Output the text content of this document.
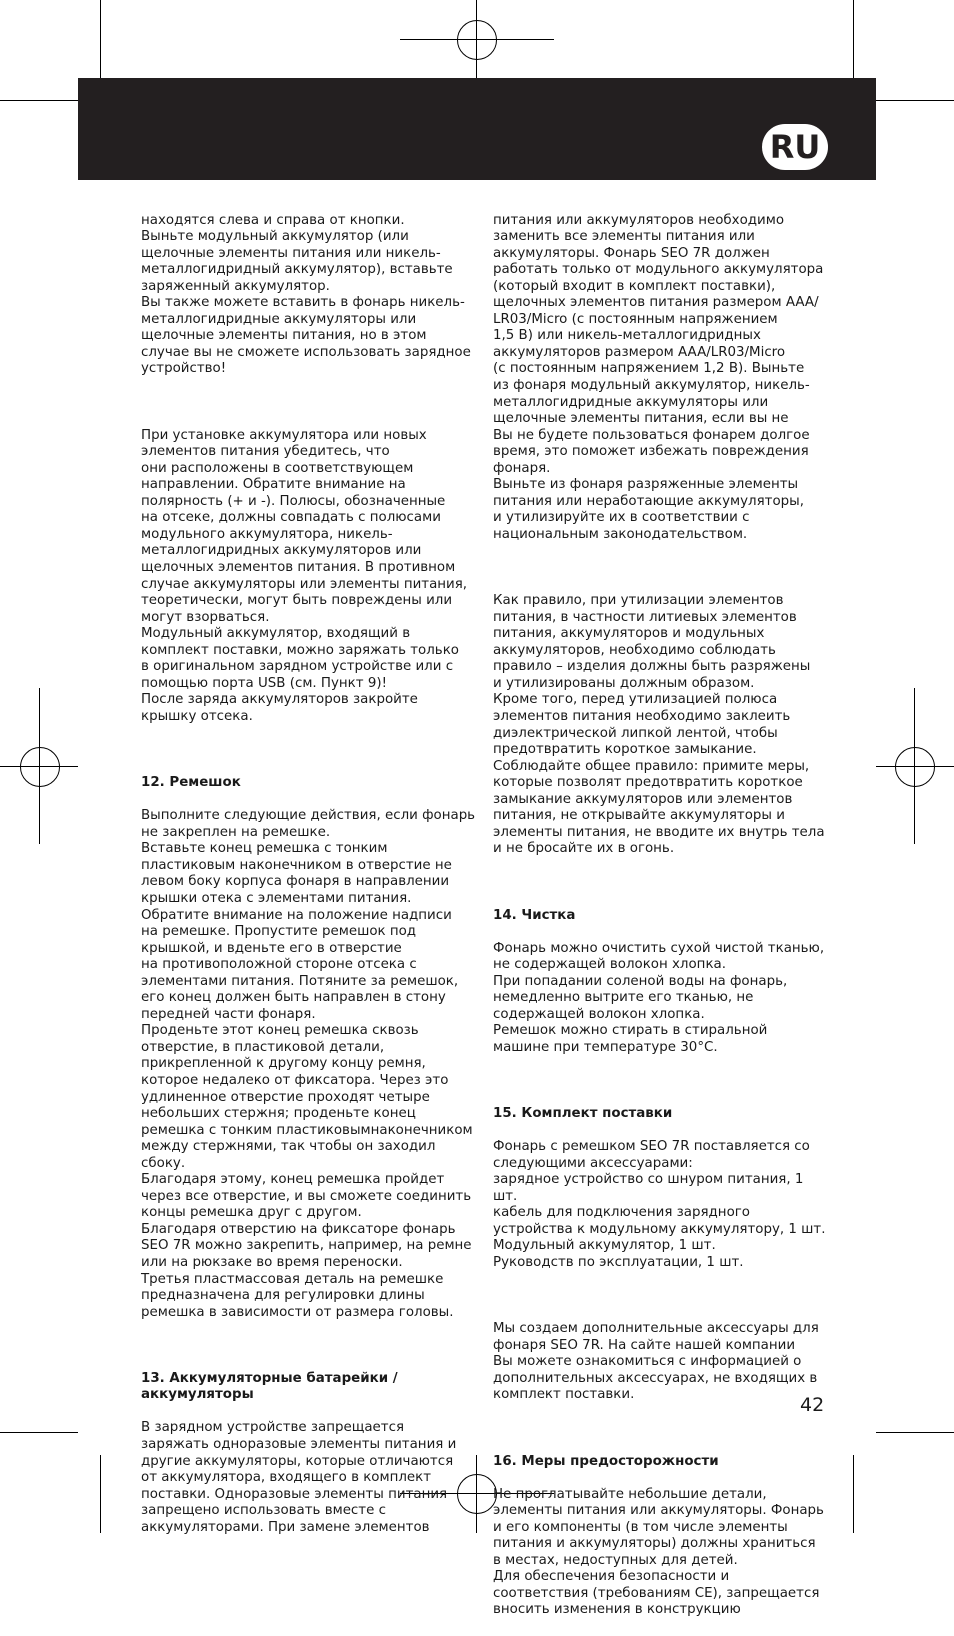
RU

находятся слева и справа от кнопки.
Выньте модульный аккумулятор (или
щелочные элементы питания или никель-
металлогидридный аккумулятор), вставьте
заряженный аккумулятор.
Вы также можете вставить в фонарь никель-
металлогидридные аккумуляторы или
щелочные элементы питания, но в этом
случае вы не сможете использовать зарядное
устройство!

При установке аккумулятора или новых
элементов питания убедитесь, что
они расположены в соответствующем
направлении. Обратите внимание на
полярность (+ и -). Полюсы, обозначенные
на отсеке, должны совпадать с полюсами
модульного аккумулятора, никель-
металлогидридных аккумуляторов или
щелочных элементов питания. В противном
случае аккумуляторы или элементы питания,
теоретически, могут быть повреждены или
могут взорваться.
Модульный аккумулятор, входящий в
комплект поставки, можно заряжать только
в оригинальном зарядном устройстве или с
помощью порта USB (см. Пункт 9)!
После заряда аккумуляторов закройте
крышку отсека.

12. Ремешок

Выполните следующие действия, если фонарь
не закреплен на ремешке.
Вставьте конец ремешка с тонким
пластиковым наконечником в отверстие не
левом боку корпуса фонаря в направлении
крышки отека с элементами питания.
Обратите внимание на положение надписи
на ремешке. Пропустите ремешок под
крышкой, и вденьте его в отверстие
на противоположной стороне отсека с
элементами питания. Потяните за ремешок,
его конец должен быть направлен в стону
передней части фонаря.
Проденьте этот конец ремешка сквозь
отверстие, в пластиковой детали,
прикрепленной к другому концу ремня,
которое недалеко от фиксатора. Через это
удлиненное отверстие проходят четыре
небольших стержня; проденьте конец
ремешка с тонким пластиковымнаконечником
между стержнями, так чтобы он заходил
сбоку.
Благодаря этому, конец ремешка пройдет
через все отверстие, и вы сможете соединить
концы ремешка друг с другом.
Благодаря отверстию на фиксаторе фонарь
SEO 7R можно закрепить, например, на ремне
или на рюкзаке во время переноски.
Третья пластмассовая деталь на ремешке
предназначена для регулировки длины
ремешка в зависимости от размера головы.

13. Аккумуляторные батарейки /
аккумуляторы

В зарядном устройстве запрещается
заряжать одноразовые элементы питания и
другие аккумуляторы, которые отличаются
от аккумулятора, входящего в комплект
поставки. Одноразовые элементы питания
запрещено использовать вместе с
аккумуляторами. При замене элементов

питания или аккумуляторов необходимо
заменить все элементы питания или
аккумуляторы. Фонарь SEO 7R должен
работать только от модульного аккумулятора
(который входит в комплект поставки),
щелочных элементов питания размером AAA/
LR03/Micro (с постоянным напряжением
1,5 В) или никель-металлогидридных
аккумуляторов размером AAA/LR03/Micro
(с постоянным напряжением 1,2 В). Выньте
из фонаря модульный аккумулятор, никель-
металлогидридные аккумуляторы или
щелочные элементы питания, если вы не
Вы не будете пользоваться фонарем долгое
время, это поможет избежать повреждения
фонаря.
Выньте из фонаря разряженные элементы
питания или неработающие аккумуляторы,
и утилизируйте их в соответствии с
национальным законодательством.

Как правило, при утилизации элементов
питания, в частности литиевых элементов
питания, аккумуляторов и модульных
аккумуляторов, необходимо соблюдать
правило – изделия должны быть разряжены
и утилизированы должным образом.
Кроме того, перед утилизацией полюса
элементов питания необходимо заклеить
диэлектрической липкой лентой, чтобы
предотвратить короткое замыкание.
Соблюдайте общее правило: примите меры,
которые позволят предотвратить короткое
замыкание аккумуляторов или элементов
питания, не открывайте аккумуляторы и
элементы питания, не вводите их внутрь тела
и не бросайте их в огонь.

14. Чистка

Фонарь можно очистить сухой чистой тканью,
не содержащей волокон хлопка.
При попадании соленой воды на фонарь,
немедленно вытрите его тканью, не
содержащей волокон хлопка.
Ремешок можно стирать в стиральной
машине при температуре 30°C.

15. Комплект поставки

Фонарь с ремешком SEO 7R поставляется со
следующими аксессуарами:
зарядное устройство со шнуром питания, 1
шт.
кабель для подключения зарядного
устройства к модульному аккумулятору, 1 шт.
Модульный аккумулятор, 1 шт.
Руководств по эксплуатации, 1 шт.

Мы создаем дополнительные аксессуары для
фонаря SEO 7R. На сайте нашей компании
Вы можете ознакомиться с информацией о
дополнительных аксессуарах, не входящих в
комплект поставки.

16. Меры предосторожности

Не проглатывайте небольшие детали,
элементы питания или аккумуляторы. Фонарь
и его компоненты (в том числе элементы
питания и аккумуляторы) должны храниться
в местах, недоступных для детей.
Для обеспечения безопасности и
соответствия (требованиям CE), запрещается
вносить изменения в конструкцию

42
